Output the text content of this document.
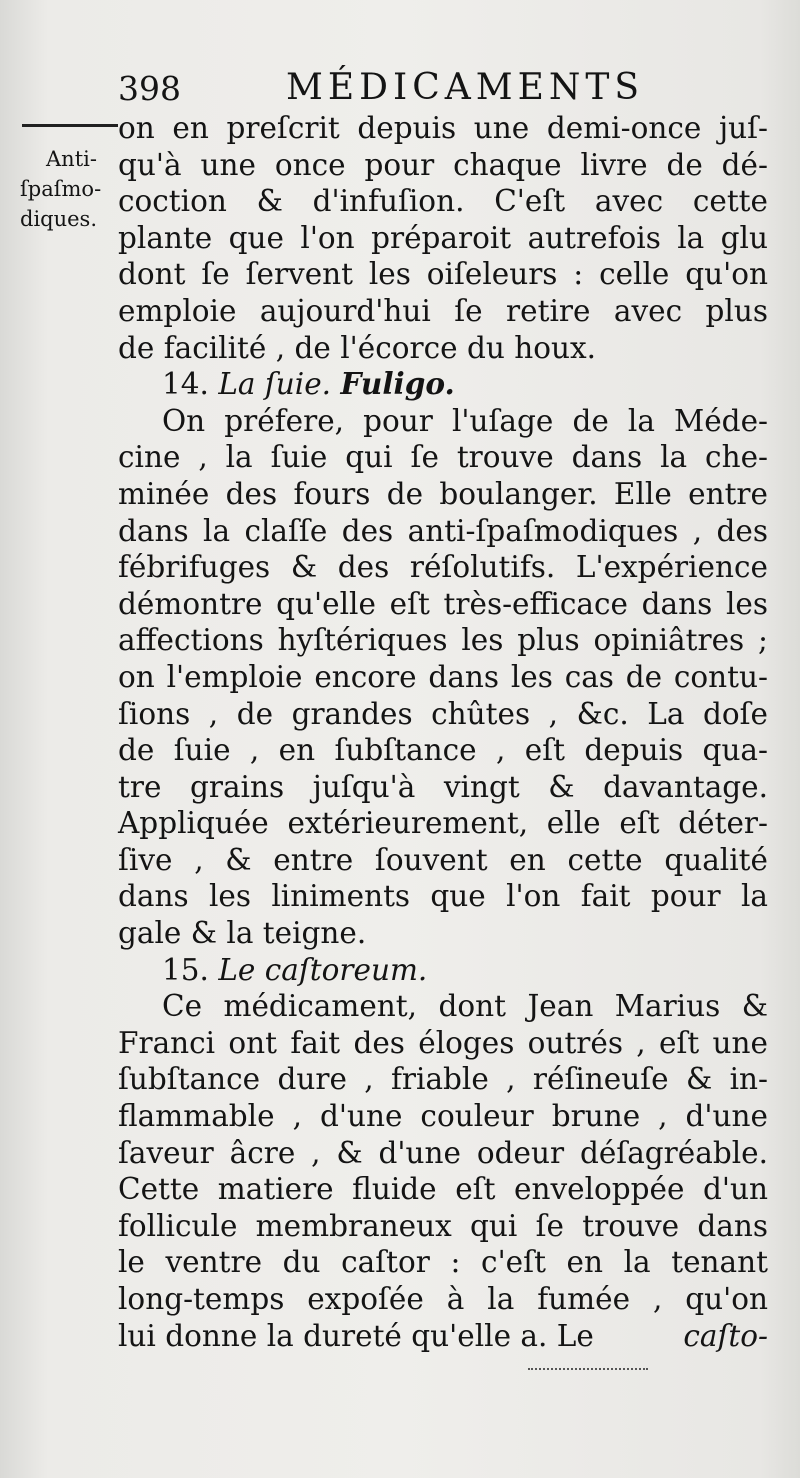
398	MÉDICAMENTS
Anti-
ſpaſmo-
diques.
on en preſcrit depuis une demi-once juſ-
qu'à une once pour chaque livre de dé-
coction & d'infuſion. C'eſt avec cette
plante que l'on préparoit autrefois la glu
dont ſe ſervent les oiſeleurs : celle qu'on
emploie aujourd'hui ſe retire avec plus
de facilité , de l'écorce du houx.
14. La ſuie. Fuligo.
On préfere, pour l'uſage de la Méde-
cine , la ſuie qui ſe trouve dans la che-
minée des fours de boulanger. Elle entre
dans la claſſe des anti-ſpaſmodiques , des
fébrifuges & des réſolutifs. L'expérience
démontre qu'elle eſt très-efficace dans les
affections hyſtériques les plus opiniâtres ;
on l'emploie encore dans les cas de contu-
ſions , de grandes chûtes , &c. La doſe
de ſuie , en ſubſtance , eſt depuis qua-
tre grains juſqu'à vingt & davantage.
Appliquée extérieurement, elle eſt déter-
ſive , & entre ſouvent en cette qualité
dans les liniments que l'on fait pour la
gale & la teigne.
15. Le caſtoreum.
Ce médicament, dont Jean Marius &
Franci ont fait des éloges outrés , eſt une
ſubſtance dure , friable , réſineuſe & in-
flammable , d'une couleur brune , d'une
ſaveur âcre , & d'une odeur déſagréable.
Cette matiere fluide eſt enveloppée d'un
follicule membraneux qui ſe trouve dans
le ventre du caſtor : c'eſt en la tenant
long-temps expoſée à la fumée , qu'on
lui donne la dureté qu'elle a. Le	caſto-
